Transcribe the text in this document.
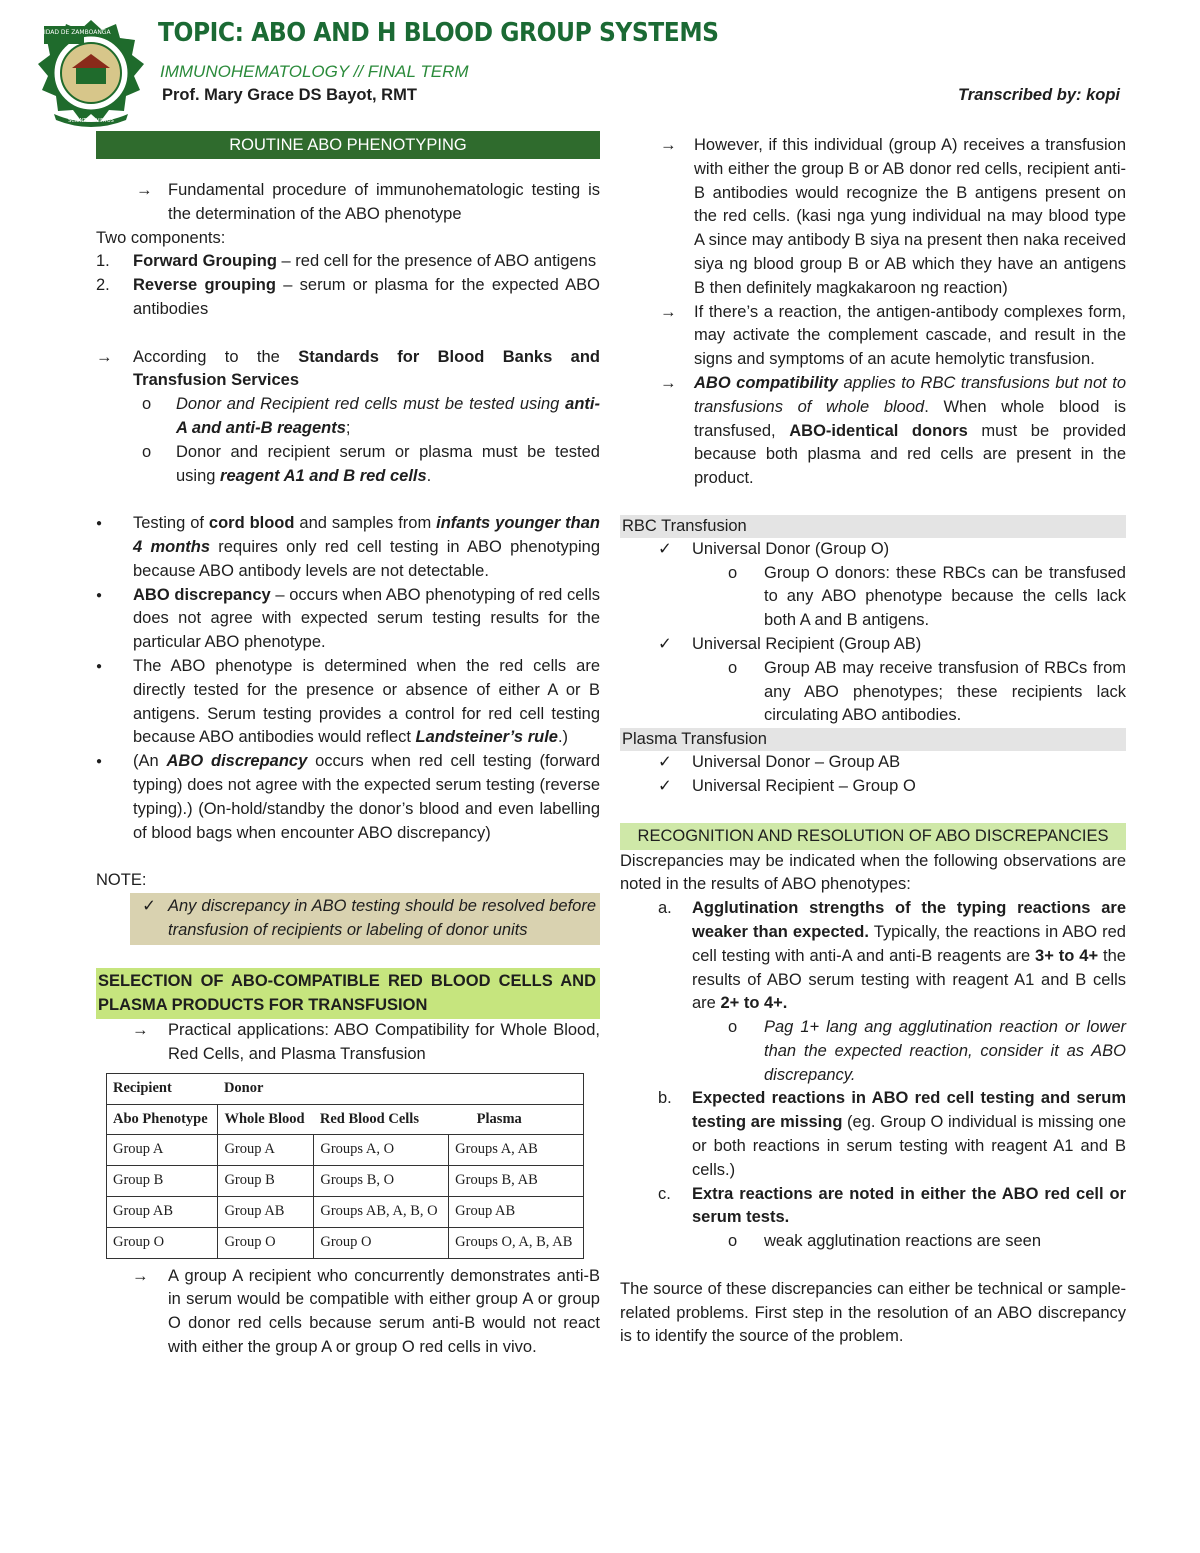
UNIVERSIDAD DE ZAMBOANGA
SCIENTIA · VIRTUS
TOPIC: ABO AND H BLOOD GROUP SYSTEMS
IMMUNOHEMATOLOGY // FINAL TERM
Prof. Mary Grace DS Bayot, RMT	Transcribed by: kopi
ROUTINE ABO PHENOTYPING
→ Fundamental procedure of immunohematologic testing is the determination of the ABO phenotype
Two components:
1.	Forward Grouping – red cell for the presence of ABO antigens
2.	Reverse grouping – serum or plasma for the expected ABO antibodies
→	According to the Standards for Blood Banks and Transfusion Services
o	Donor and Recipient red cells must be tested using anti-A and anti-B reagents;
o	Donor and recipient serum or plasma must be tested using reagent A1 and B red cells.
●	Testing of cord blood and samples from infants younger than 4 months requires only red cell testing in ABO phenotyping because ABO antibody levels are not detectable.
●	ABO discrepancy – occurs when ABO phenotyping of red cells does not agree with expected serum testing results for the particular ABO phenotype.
●	The ABO phenotype is determined when the red cells are directly tested for the presence or absence of either A or B antigens. Serum testing provides a control for red cell testing because ABO antibodies would reflect Landsteiner’s rule.)
●	(An ABO discrepancy occurs when red cell testing (forward typing) does not agree with the expected serum testing (reverse typing).) (On-hold/standby the donor’s blood and even labelling of blood bags when encounter ABO discrepancy)
NOTE:
✓ Any discrepancy in ABO testing should be resolved before transfusion of recipients or labeling of donor units
SELECTION OF ABO-COMPATIBLE RED BLOOD CELLS AND PLASMA PRODUCTS FOR TRANSFUSION
→	Practical applications: ABO Compatibility for Whole Blood, Red Cells, and Plasma Transfusion
Recipient	Donor		
Abo Phenotype	Whole Blood	Red Blood Cells	Plasma
Group A	Group A	Groups A, O	Groups A, AB
Group B	Group B	Groups B, O	Groups B, AB
Group AB	Group AB	Groups AB, A, B, O	Group AB
Group O	Group O	Group O	Groups O, A, B, AB
→	A group A recipient who concurrently demonstrates anti-B in serum would be compatible with either group A or group O donor red cells because serum anti-B would not react with either the group A or group O red cells in vivo.
→	However, if this individual (group A) receives a transfusion with either the group B or AB donor red cells, recipient anti-B antibodies would recognize the B antigens present on the red cells. (kasi nga yung individual na may blood type A since may antibody B siya na present then naka received siya ng blood group B or AB which they have an antigens B then definitely magkakaroon ng reaction)
→	If there’s a reaction, the antigen-antibody complexes form, may activate the complement cascade, and result in the signs and symptoms of an acute hemolytic transfusion.
→	ABO compatibility applies to RBC transfusions but not to transfusions of whole blood. When whole blood is transfused, ABO-identical donors must be provided because both plasma and red cells are present in the product.
RBC Transfusion
✓	Universal Donor (Group O)
o	Group O donors: these RBCs can be transfused to any ABO phenotype because the cells lack both A and B antigens.
✓	Universal Recipient (Group AB)
o	Group AB may receive transfusion of RBCs from any ABO phenotypes; these recipients lack circulating ABO antibodies.
Plasma Transfusion
✓	Universal Donor – Group AB
✓	Universal Recipient – Group O
RECOGNITION AND RESOLUTION OF ABO DISCREPANCIES
Discrepancies may be indicated when the following observations are noted in the results of ABO phenotypes:
a.	Agglutination strengths of the typing reactions are weaker than expected. Typically, the reactions in ABO red cell testing with anti-A and anti-B reagents are 3+ to 4+ the results of ABO serum testing with reagent A1 and B cells are 2+ to 4+.
o	Pag 1+ lang ang agglutination reaction or lower than the expected reaction, consider it as ABO discrepancy.
b.	Expected reactions in ABO red cell testing and serum testing are missing (eg. Group O individual is missing one or both reactions in serum testing with reagent A1 and B cells.)
c.	Extra reactions are noted in either the ABO red cell or serum tests.
o	weak agglutination reactions are seen
The source of these discrepancies can either be technical or sample-related problems. First step in the resolution of an ABO discrepancy is to identify the source of the problem.
